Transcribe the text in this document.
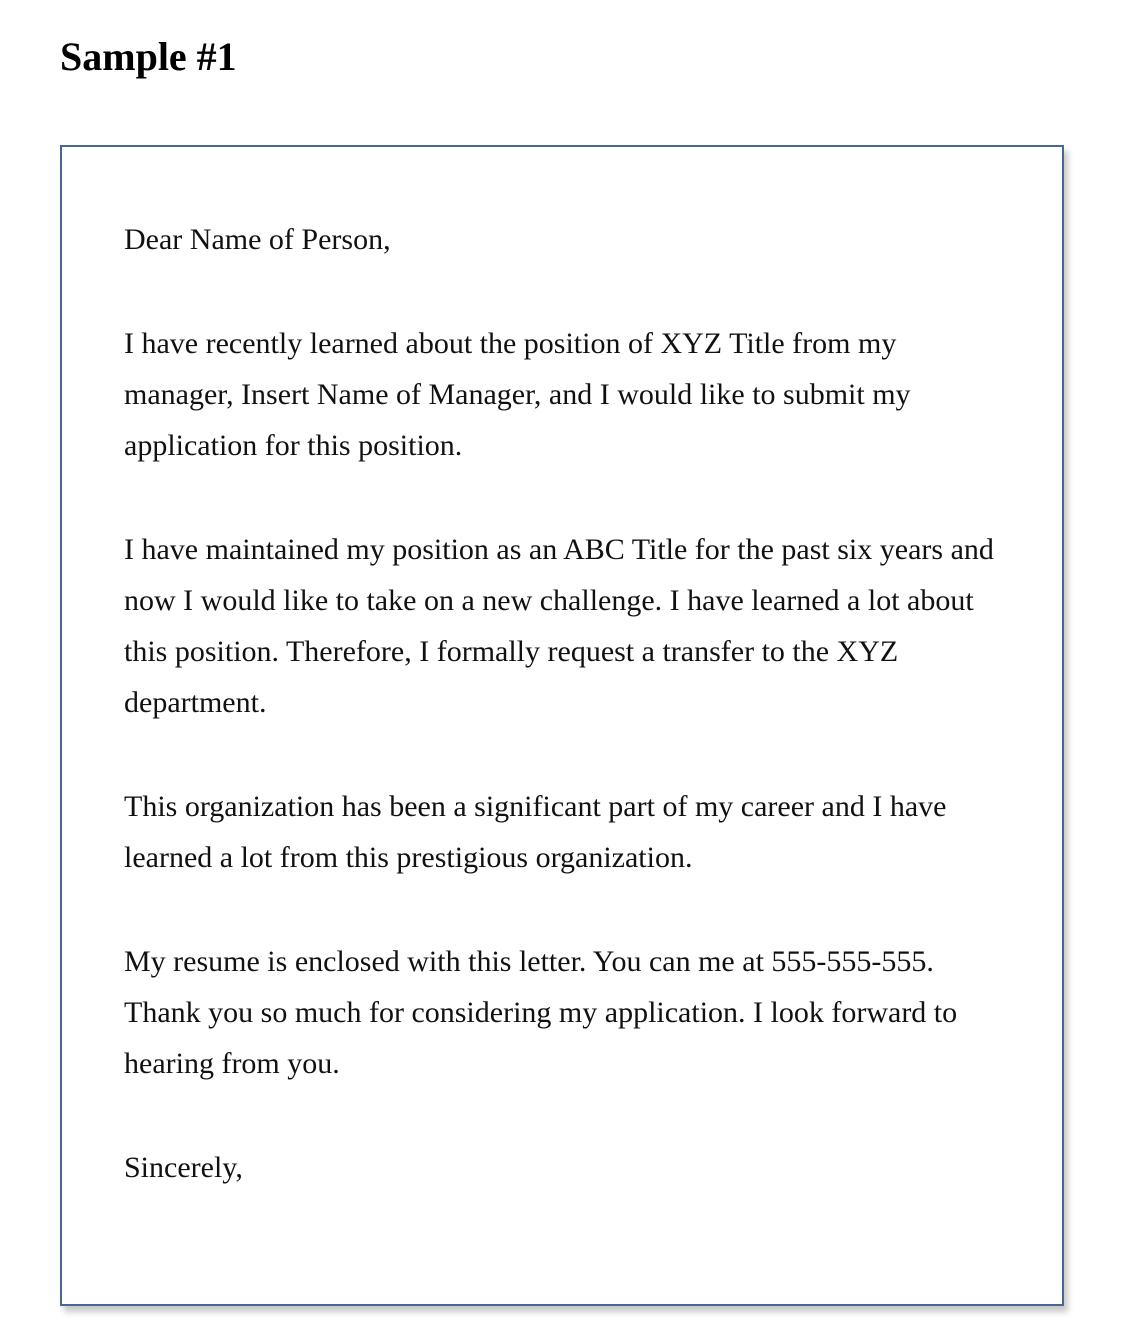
Sample #1

Dear Name of Person,

I have recently learned about the position of XYZ Title from my manager, Insert Name of Manager, and I would like to submit my application for this position.

I have maintained my position as an ABC Title for the past six years and now I would like to take on a new challenge. I have learned a lot about this position. Therefore, I formally request a transfer to the XYZ department.

This organization has been a significant part of my career and I have learned a lot from this prestigious organization.

My resume is enclosed with this letter. You can me at 555-555-555. Thank you so much for considering my application. I look forward to hearing from you.

Sincerely,
